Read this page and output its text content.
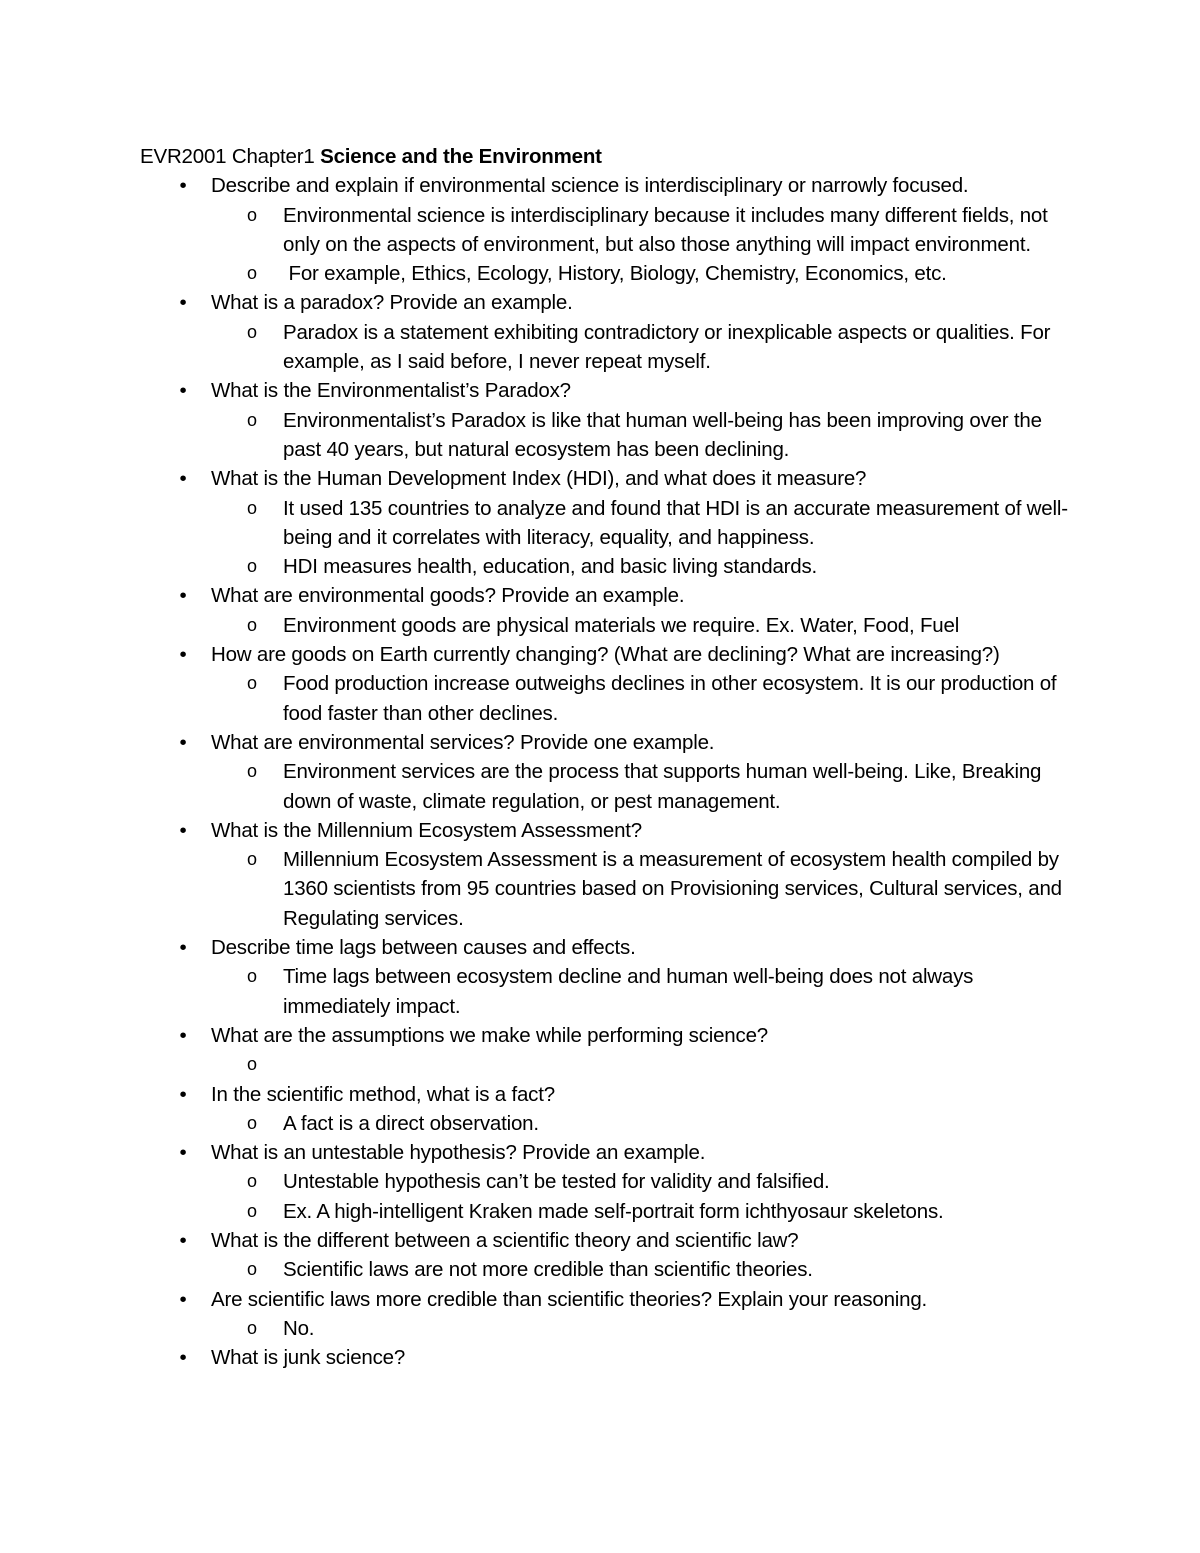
EVR2001 Chapter1 Science and the Environment

• Describe and explain if environmental science is interdisciplinary or narrowly focused.
o Environmental science is interdisciplinary because it includes many different fields, not only on the aspects of environment, but also those anything will impact environment.
o For example, Ethics, Ecology, History, Biology, Chemistry, Economics, etc.
• What is a paradox? Provide an example.
o Paradox is a statement exhibiting contradictory or inexplicable aspects or qualities. For example, as I said before, I never repeat myself.
• What is the Environmentalist’s Paradox?
o Environmentalist’s Paradox is like that human well-being has been improving over the past 40 years, but natural ecosystem has been declining.
• What is the Human Development Index (HDI), and what does it measure?
o It used 135 countries to analyze and found that HDI is an accurate measurement of well-being and it correlates with literacy, equality, and happiness.
o HDI measures health, education, and basic living standards.
• What are environmental goods? Provide an example.
o Environment goods are physical materials we require. Ex. Water, Food, Fuel
• How are goods on Earth currently changing? (What are declining? What are increasing?)
o Food production increase outweighs declines in other ecosystem. It is our production of food faster than other declines.
• What are environmental services? Provide one example.
o Environment services are the process that supports human well-being. Like, Breaking down of waste, climate regulation, or pest management.
• What is the Millennium Ecosystem Assessment?
o Millennium Ecosystem Assessment is a measurement of ecosystem health compiled by 1360 scientists from 95 countries based on Provisioning services, Cultural services, and Regulating services.
• Describe time lags between causes and effects.
o Time lags between ecosystem decline and human well-being does not always immediately impact.
• What are the assumptions we make while performing science?
o
• In the scientific method, what is a fact?
o A fact is a direct observation.
• What is an untestable hypothesis? Provide an example.
o Untestable hypothesis can’t be tested for validity and falsified.
o Ex. A high-intelligent Kraken made self-portrait form ichthyosaur skeletons.
• What is the different between a scientific theory and scientific law?
o Scientific laws are not more credible than scientific theories.
• Are scientific laws more credible than scientific theories? Explain your reasoning.
o No.
• What is junk science?
